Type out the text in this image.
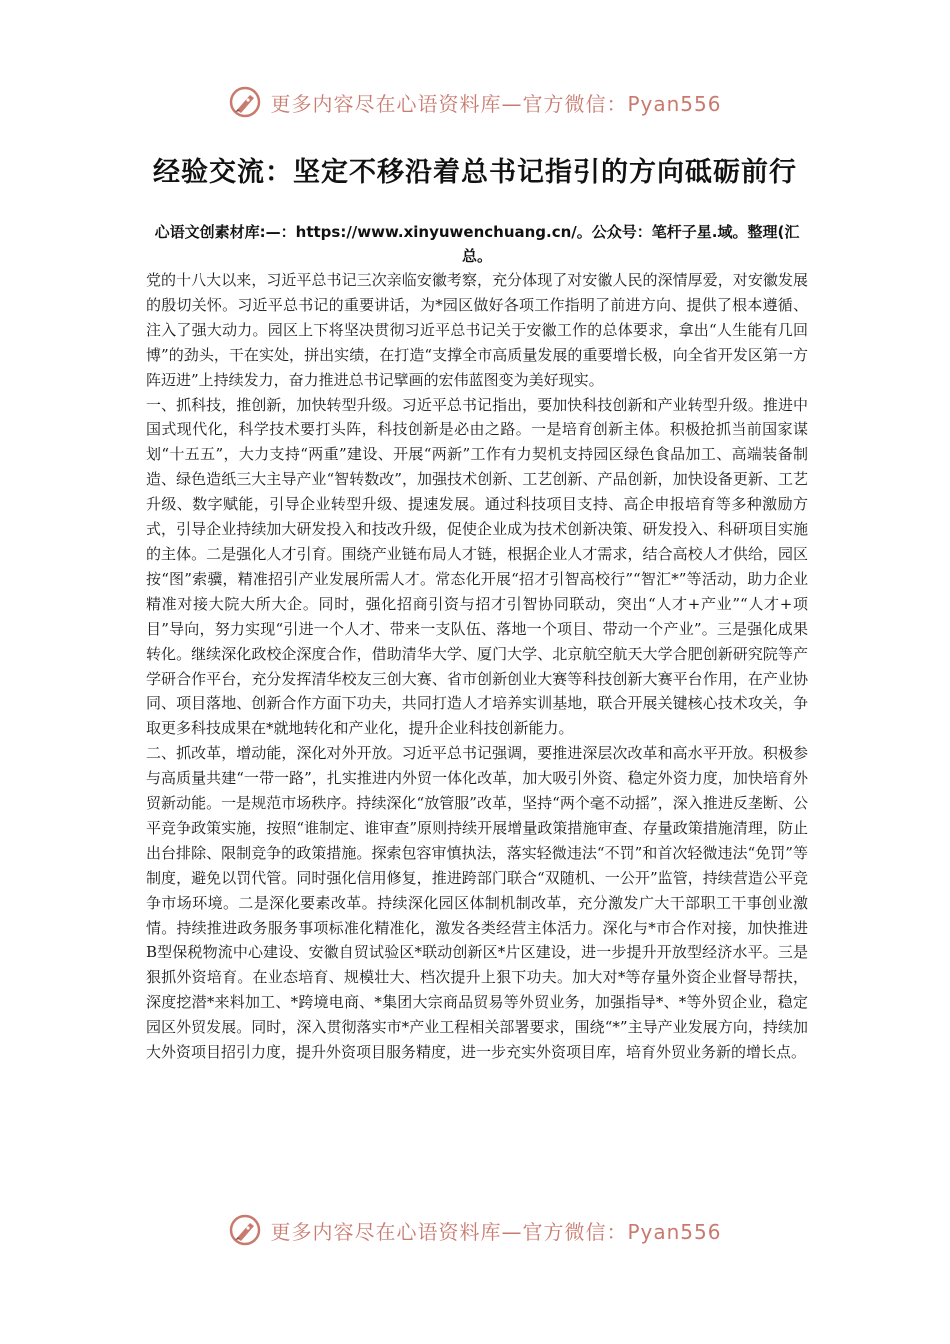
更多内容尽在心语资料库—官方微信：Pyan556
经验交流：坚定不移沿着总书记指引的方向砥砺前行

心语文创素材库:—：https://www.xinyuwenchuang.cn/。公众号：笔杆子星.域。整理(汇总。

党的十八大以来，习近平总书记三次亲临安徽考察，充分体现了对安徽人民的深情厚爱，对安徽发展的殷切关怀。习近平总书记的重要讲话，为*园区做好各项工作指明了前进方向、提供了根本遵循、注入了强大动力。园区上下将坚决贯彻习近平总书记关于安徽工作的总体要求，拿出“人生能有几回博”的劲头，干在实处，拼出实绩，在打造“支撑全市高质量发展的重要增长极，向全省开发区第一方阵迈进”上持续发力，奋力推进总书记擘画的宏伟蓝图变为美好现实。

一、抓科技，推创新，加快转型升级。习近平总书记指出，要加快科技创新和产业转型升级。推进中国式现代化，科学技术要打头阵，科技创新是必由之路。一是培育创新主体。积极抢抓当前国家谋划“十五五”，大力支持“两重”建设、开展“两新”工作有力契机支持园区绿色食品加工、高端装备制造、绿色造纸三大主导产业“智转数改”，加强技术创新、工艺创新、产品创新，加快设备更新、工艺升级、数字赋能，引导企业转型升级、提速发展。通过科技项目支持、高企申报培育等多种激励方式，引导企业持续加大研发投入和技改升级，促使企业成为技术创新决策、研发投入、科研项目实施的主体。二是强化人才引育。围绕产业链布局人才链，根据企业人才需求，结合高校人才供给，园区按“图”索骥，精准招引产业发展所需人才。常态化开展“招才引智高校行”“智汇*”等活动，助力企业精准对接大院大所大企。同时，强化招商引资与招才引智协同联动，突出“人才+产业”“人才+项目”导向，努力实现“引进一个人才、带来一支队伍、落地一个项目、带动一个产业”。三是强化成果转化。继续深化政校企深度合作，借助清华大学、厦门大学、北京航空航天大学合肥创新研究院等产学研合作平台，充分发挥清华校友三创大赛、省市创新创业大赛等科技创新大赛平台作用，在产业协同、项目落地、创新合作方面下功夫，共同打造人才培养实训基地，联合开展关键核心技术攻关，争取更多科技成果在*就地转化和产业化，提升企业科技创新能力。

二、抓改革，增动能，深化对外开放。习近平总书记强调，要推进深层次改革和高水平开放。积极参与高质量共建“一带一路”，扎实推进内外贸一体化改革，加大吸引外资、稳定外资力度，加快培育外贸新动能。一是规范市场秩序。持续深化“放管服”改革，坚持“两个毫不动摇”，深入推进反垄断、公平竞争政策实施，按照“谁制定、谁审查”原则持续开展增量政策措施审查、存量政策措施清理，防止出台排除、限制竞争的政策措施。探索包容审慎执法，落实轻微违法“不罚”和首次轻微违法“免罚”等制度，避免以罚代管。同时强化信用修复，推进跨部门联合“双随机、一公开”监管，持续营造公平竞争市场环境。二是深化要素改革。持续深化园区体制机制改革，充分激发广大干部职工干事创业激情。持续推进政务服务事项标准化精准化，激发各类经营主体活力。深化与*市合作对接，加快推进B型保税物流中心建设、安徽自贸试验区*联动创新区*片区建设，进一步提升开放型经济水平。三是狠抓外资培育。在业态培育、规模壮大、档次提升上狠下功夫。加大对*等存量外资企业督导帮扶，深度挖潜*来料加工、*跨境电商、*集团大宗商品贸易等外贸业务，加强指导*、*等外贸企业，稳定园区外贸发展。同时，深入贯彻落实市*产业工程相关部署要求，围绕“*”主导产业发展方向，持续加大外资项目招引力度，提升外资项目服务精度，进一步充实外资项目库，培育外贸业务新的增长点。

更多内容尽在心语资料库—官方微信：Pyan556
